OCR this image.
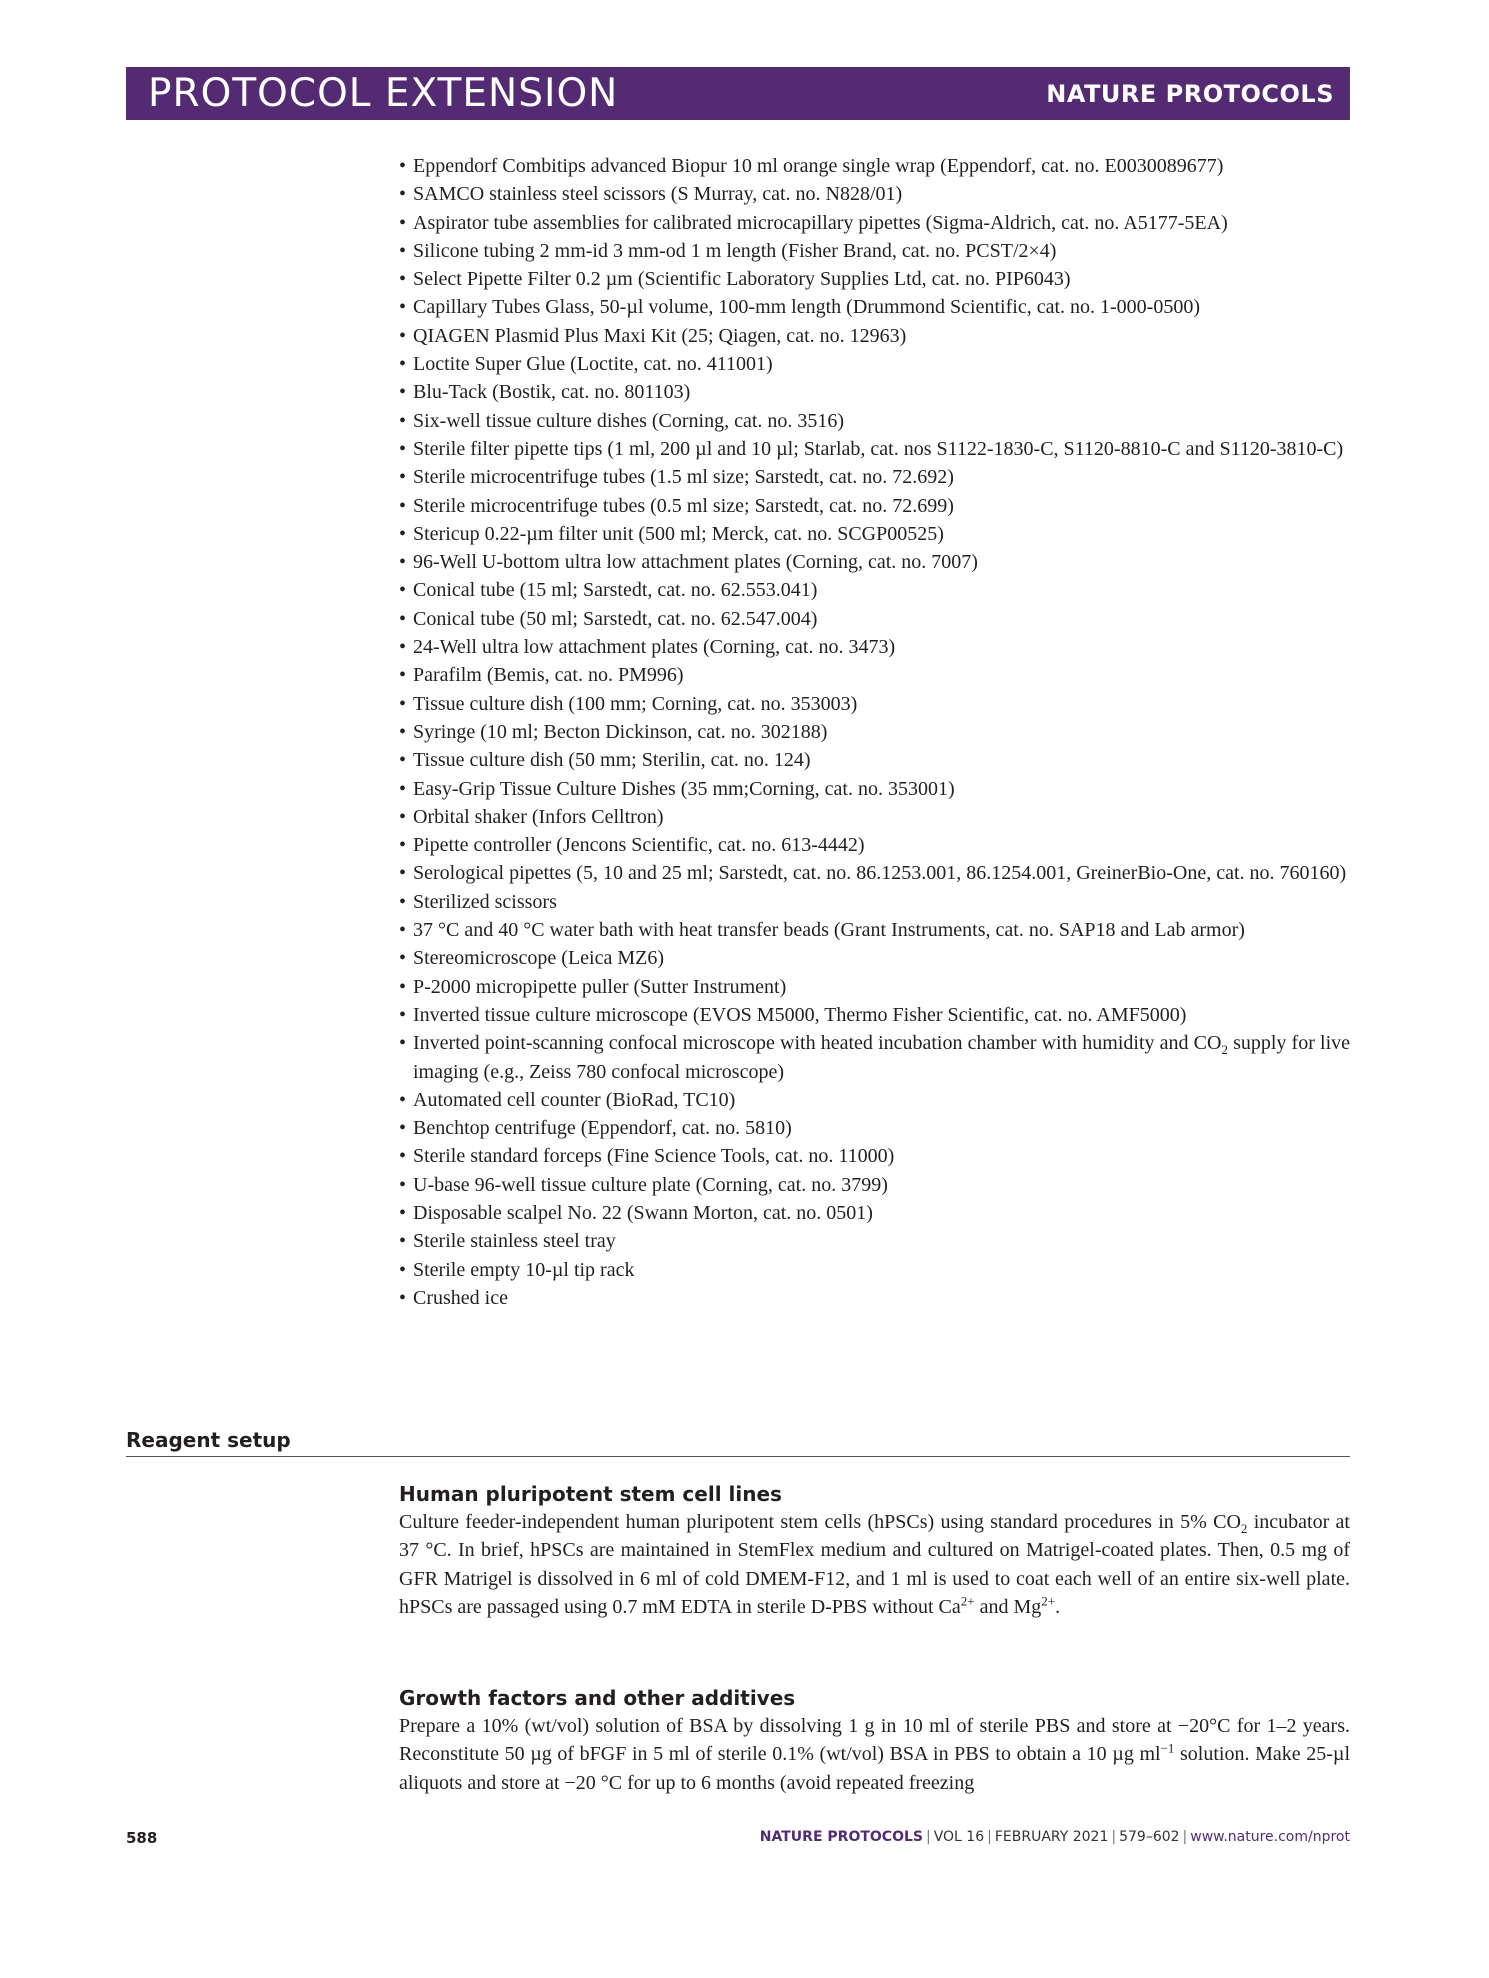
PROTOCOL EXTENSION	NATURE PROTOCOLS
• Eppendorf Combitips advanced Biopur 10 ml orange single wrap (Eppendorf, cat. no. E0030089677)
• SAMCO stainless steel scissors (S Murray, cat. no. N828/01)
• Aspirator tube assemblies for calibrated microcapillary pipettes (Sigma-Aldrich, cat. no. A5177-5EA)
• Silicone tubing 2 mm-id 3 mm-od 1 m length (Fisher Brand, cat. no. PCST/2×4)
• Select Pipette Filter 0.2 µm (Scientific Laboratory Supplies Ltd, cat. no. PIP6043)
• Capillary Tubes Glass, 50-µl volume, 100-mm length (Drummond Scientific, cat. no. 1-000-0500)
• QIAGEN Plasmid Plus Maxi Kit (25; Qiagen, cat. no. 12963)
• Loctite Super Glue (Loctite, cat. no. 411001)
• Blu-Tack (Bostik, cat. no. 801103)
• Six-well tissue culture dishes (Corning, cat. no. 3516)
• Sterile filter pipette tips (1 ml, 200 µl and 10 µl; Starlab, cat. nos S1122-1830-C, S1120-8810-C and S1120-3810-C)
• Sterile microcentrifuge tubes (1.5 ml size; Sarstedt, cat. no. 72.692)
• Sterile microcentrifuge tubes (0.5 ml size; Sarstedt, cat. no. 72.699)
• Stericup 0.22-µm filter unit (500 ml; Merck, cat. no. SCGP00525)
• 96-Well U-bottom ultra low attachment plates (Corning, cat. no. 7007)
• Conical tube (15 ml; Sarstedt, cat. no. 62.553.041)
• Conical tube (50 ml; Sarstedt, cat. no. 62.547.004)
• 24-Well ultra low attachment plates (Corning, cat. no. 3473)
• Parafilm (Bemis, cat. no. PM996)
• Tissue culture dish (100 mm; Corning, cat. no. 353003)
• Syringe (10 ml; Becton Dickinson, cat. no. 302188)
• Tissue culture dish (50 mm; Sterilin, cat. no. 124)
• Easy-Grip Tissue Culture Dishes (35 mm;Corning, cat. no. 353001)
• Orbital shaker (Infors Celltron)
• Pipette controller (Jencons Scientific, cat. no. 613-4442)
• Serological pipettes (5, 10 and 25 ml; Sarstedt, cat. no. 86.1253.001, 86.1254.001, GreinerBio-One, cat. no. 760160)
• Sterilized scissors
• 37 °C and 40 °C water bath with heat transfer beads (Grant Instruments, cat. no. SAP18 and Lab armor)
• Stereomicroscope (Leica MZ6)
• P-2000 micropipette puller (Sutter Instrument)
• Inverted tissue culture microscope (EVOS M5000, Thermo Fisher Scientific, cat. no. AMF5000)
• Inverted point-scanning confocal microscope with heated incubation chamber with humidity and $CO_2$ supply for live imaging (e.g., Zeiss 780 confocal microscope)
• Automated cell counter (BioRad, TC10)
• Benchtop centrifuge (Eppendorf, cat. no. 5810)
• Sterile standard forceps (Fine Science Tools, cat. no. 11000)
• U-base 96-well tissue culture plate (Corning, cat. no. 3799)
• Disposable scalpel No. 22 (Swann Morton, cat. no. 0501)
• Sterile stainless steel tray
• Sterile empty 10-µl tip rack
• Crushed ice
Reagent setup
Human pluripotent stem cell lines

Culture feeder-independent human pluripotent stem cells (hPSCs) using standard procedures in 5% $CO_2$ incubator at 37 °C. In brief, hPSCs are maintained in StemFlex medium and cultured on Matrigel-coated plates. Then, 0.5 mg of GFR Matrigel is dissolved in 6 ml of cold DMEM-F12, and 1 ml is used to coat each well of an entire six-well plate. hPSCs are passaged using 0.7 mM EDTA in sterile D-PBS without $Ca^{2+}$ and $Mg^{2+}$.

Growth factors and other additives

Prepare a 10% (wt/vol) solution of BSA by dissolving 1 g in 10 ml of sterile PBS and store at −20°C for 1–2 years. Reconstitute 50 µg of bFGF in 5 ml of sterile 0.1% (wt/vol) BSA in PBS to obtain a 10 µg $ml^{-1}$ solution. Make 25-µl aliquots and store at −20 °C for up to 6 months (avoid repeated freezing

588	NATURE PROTOCOLS | VOL 16 | FEBRUARY 2021 | 579–602 | www.nature.com/nprot
